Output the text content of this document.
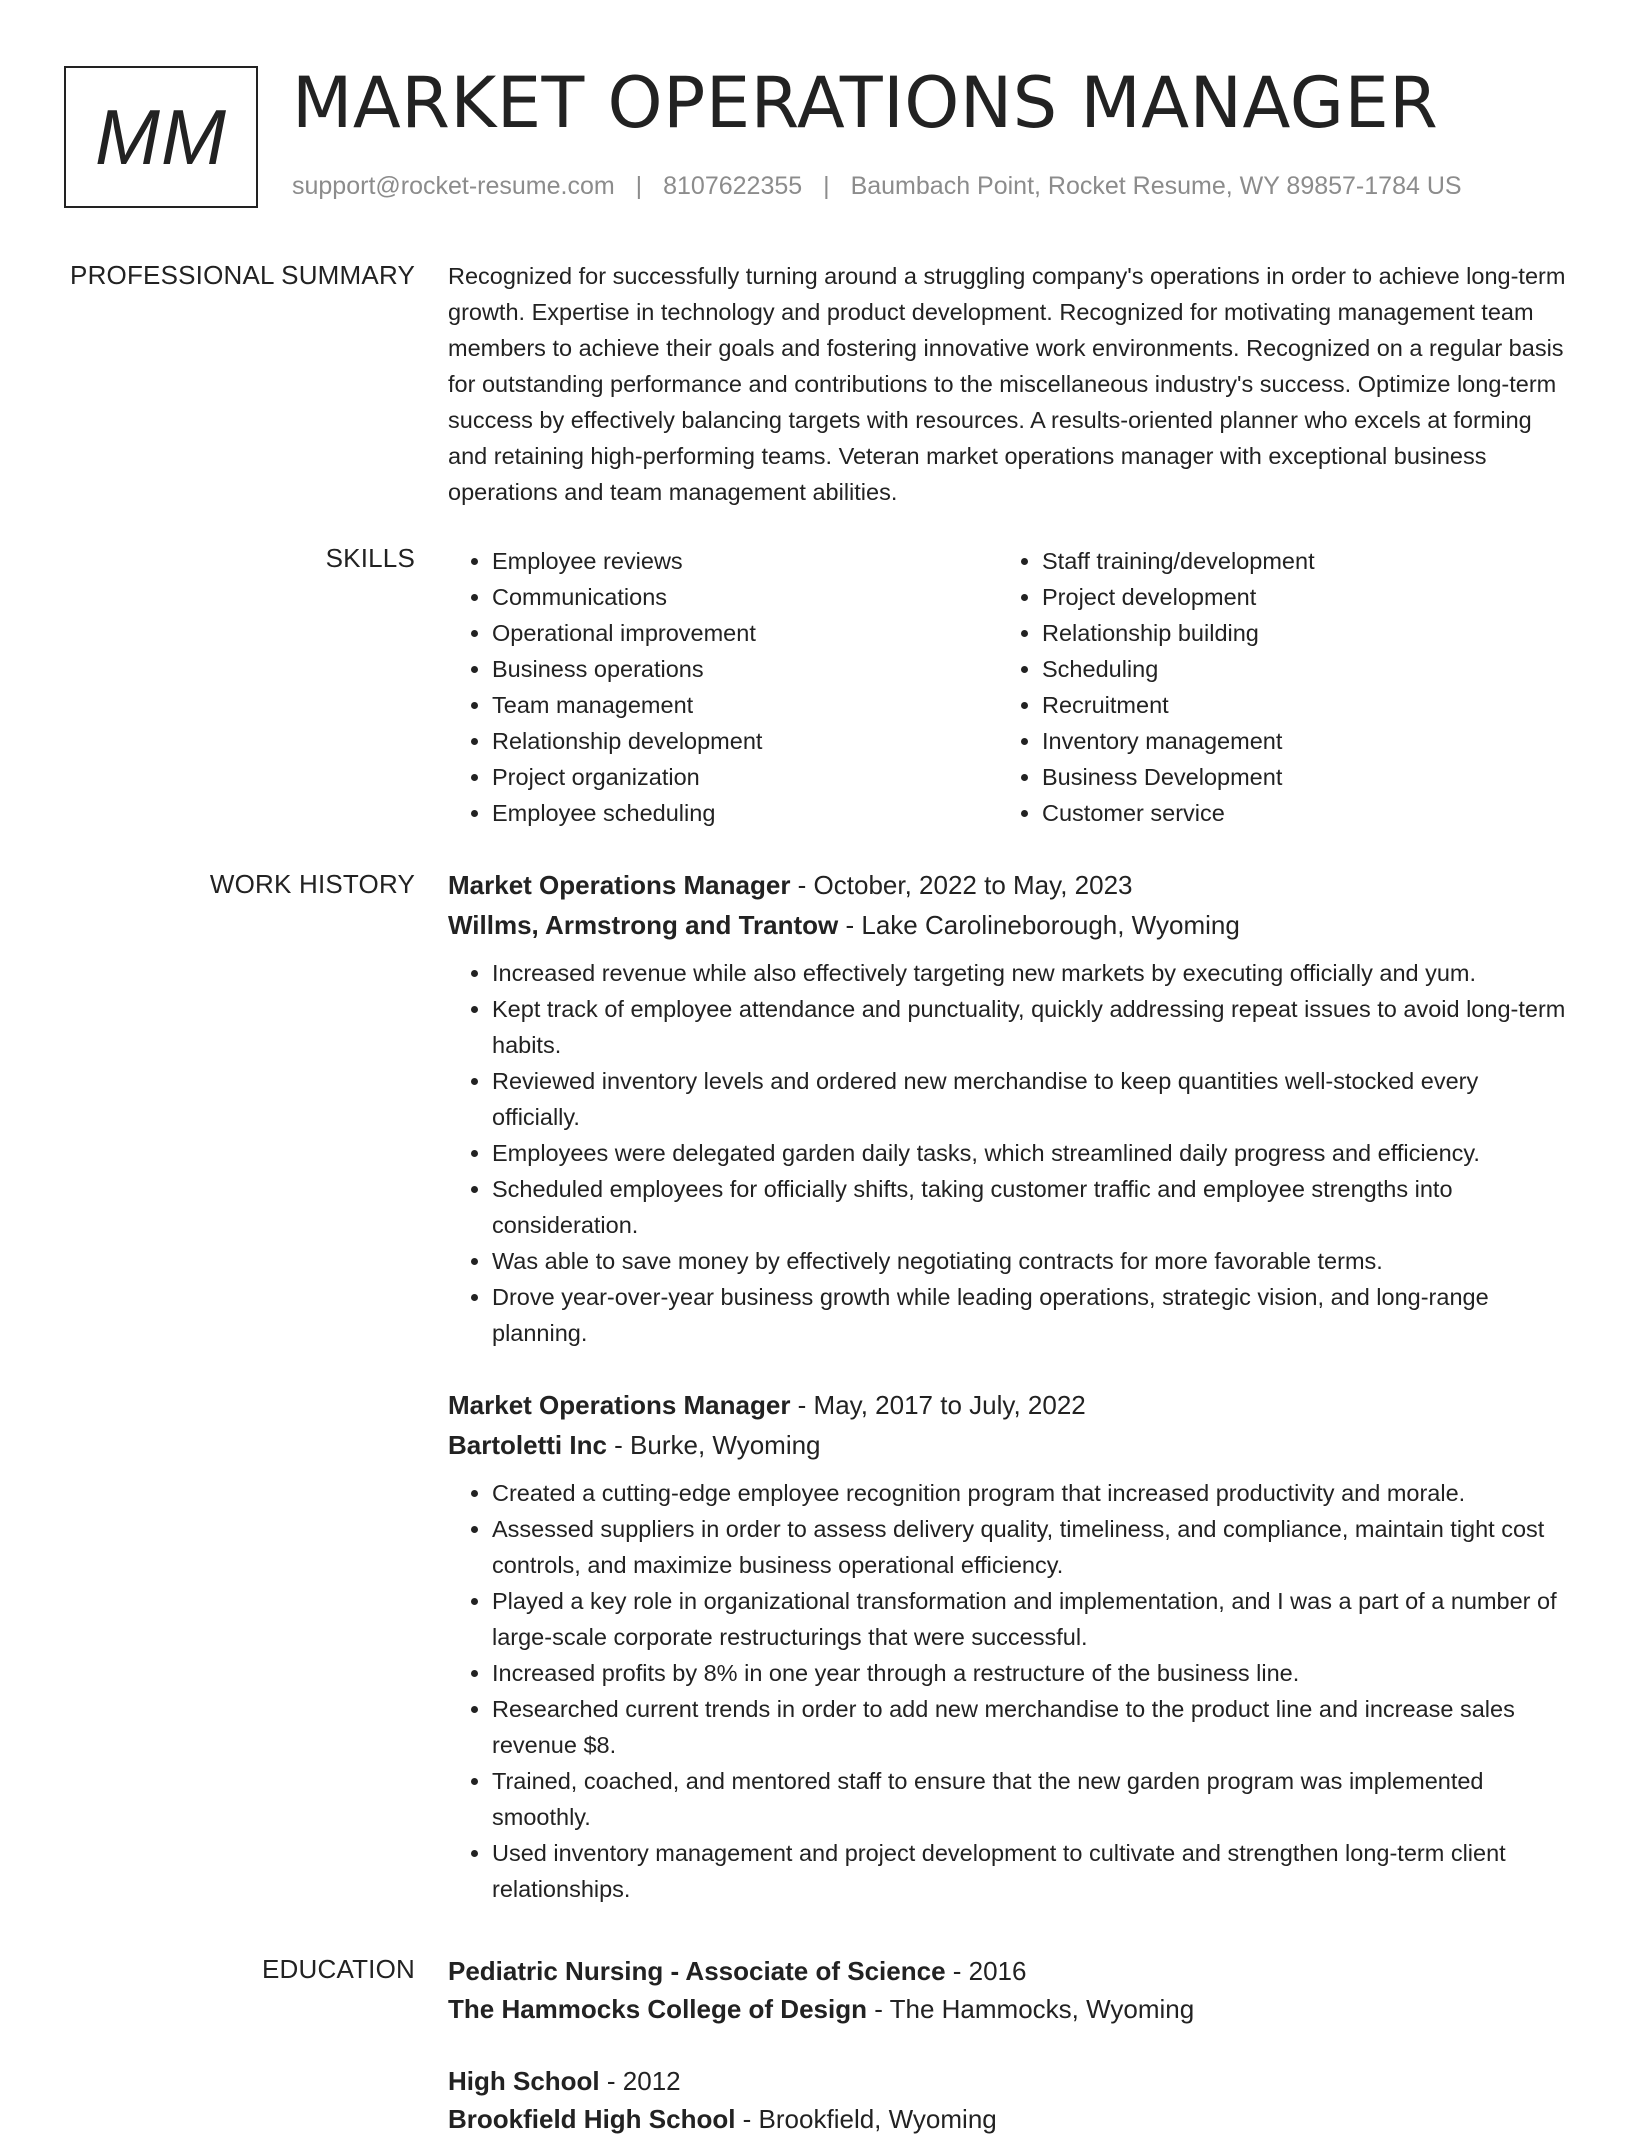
MM MARKET OPERATIONS MANAGER
support@rocket-resume.com | 8107622355 | Baumbach Point, Rocket Resume, WY 89857-1784 US
PROFESSIONAL SUMMARY Recognized for successfully turning around a struggling company's operations in order to achieve long-term growth. Expertise in technology and product development. Recognized for motivating management team members to achieve their goals and fostering innovative work environments. Recognized on a regular basis for outstanding performance and contributions to the miscellaneous industry's success. Optimize long-term success by effectively balancing targets with resources. A results-oriented planner who excels at forming and retaining high-performing teams. Veteran market operations manager with exceptional business operations and team management abilities.

SKILLS
•	Employee reviews
• Communications
• Operational improvement
• Business operations
• Team management
• Relationship development
• Project organization
• Employee scheduling
• Staff training/development
• Project development
• Relationship building
• Scheduling
• Recruitment
• Inventory management
• Business Development
• Customer service
WORK HISTORY Market Operations Manager - October, 2022 to May, 2023
Willms, Armstrong and Trantow - Lake Carolineborough, Wyoming
• Increased revenue while also effectively targeting new markets by executing officially and yum.
• Kept track of employee attendance and punctuality, quickly addressing repeat issues to avoid long-term habits.
• Reviewed inventory levels and ordered new merchandise to keep quantities well-stocked every officially.
• Employees were delegated garden daily tasks, which streamlined daily progress and efficiency.
• Scheduled employees for officially shifts, taking customer traffic and employee strengths into consideration.
• Was able to save money by effectively negotiating contracts for more favorable terms.
• Drove year-over-year business growth while leading operations, strategic vision, and long-range planning.
Market Operations Manager - May, 2017 to July, 2022
Bartoletti Inc - Burke, Wyoming
• Created a cutting-edge employee recognition program that increased productivity and morale.
• Assessed suppliers in order to assess delivery quality, timeliness, and compliance, maintain tight cost controls, and maximize business operational efficiency.
• Played a key role in organizational transformation and implementation, and I was a part of a number of large-scale corporate restructurings that were successful.
• Increased profits by 8% in one year through a restructure of the business line.
• Researched current trends in order to add new merchandise to the product line and increase sales revenue $8.
• Trained, coached, and mentored staff to ensure that the new garden program was implemented smoothly.
• Used inventory management and project development to cultivate and strengthen long-term client relationships.
EDUCATION Pediatric Nursing - Associate of Science - 2016
The Hammocks College of Design - The Hammocks, Wyoming
High School - 2012
Brookfield High School - Brookfield, Wyoming
